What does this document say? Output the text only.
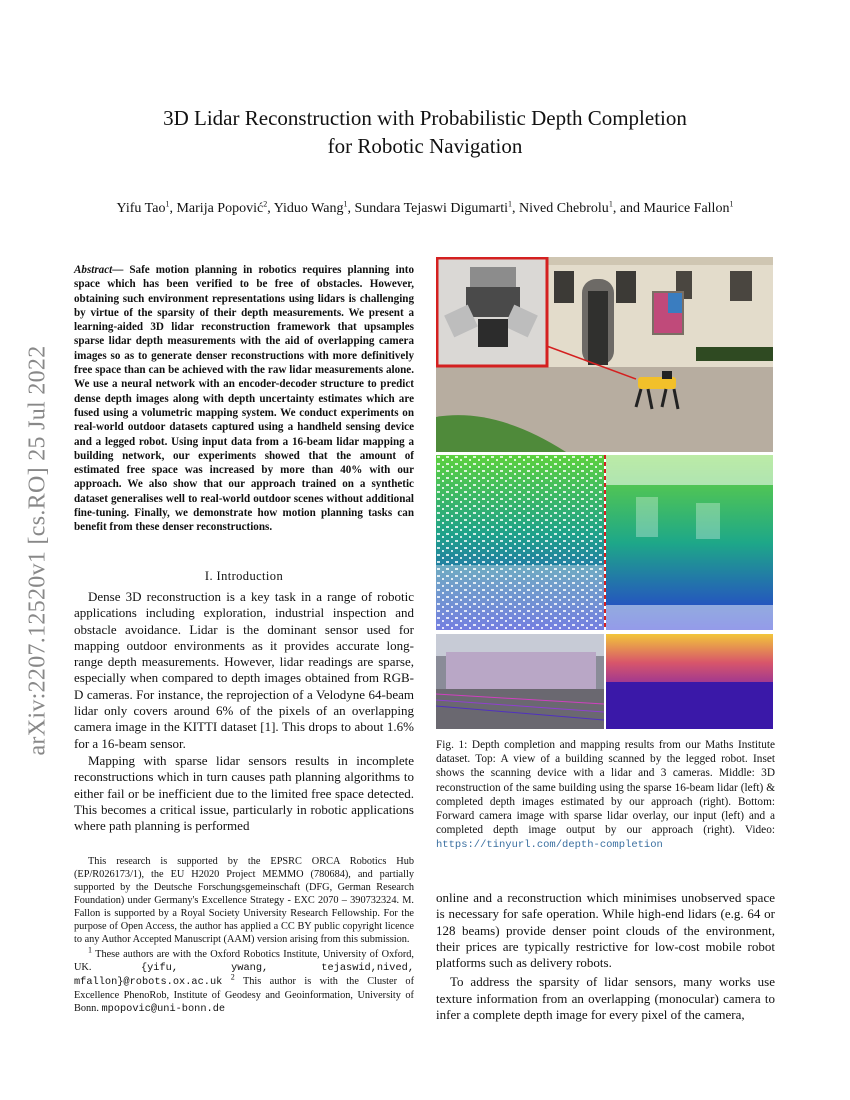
arXiv:2207.12520v1 [cs.RO] 25 Jul 2022
3D Lidar Reconstruction with Probabilistic Depth Completion
for Robotic Navigation
Yifu Tao$^1$, Marija Popović$^2$, Yiduo Wang$^1$, Sundara Tejaswi Digumarti$^1$, Nived Chebrolu$^1$, and Maurice Fallon$^1$
Abstract— Safe motion planning in robotics requires planning into space which has been verified to be free of obstacles. However, obtaining such environment representations using lidars is challenging by virtue of the sparsity of their depth measurements. We present a learning-aided 3D lidar reconstruction framework that upsamples sparse lidar depth measurements with the aid of overlapping camera images so as to generate denser reconstructions with more definitively free space than can be achieved with the raw lidar measurements alone. We use a neural network with an encoder-decoder structure to predict dense depth images along with depth uncertainty estimates which are fused using a volumetric mapping system. We conduct experiments on real-world outdoor datasets captured using a handheld sensing device and a legged robot. Using input data from a 16-beam lidar mapping a building network, our experiments showed that the amount of estimated free space was increased by more than 40% with our approach. We also show that our approach trained on a synthetic dataset generalises well to real-world outdoor scenes without additional fine-tuning. Finally, we demonstrate how motion planning tasks can benefit from these denser reconstructions.
I. Introduction

Dense 3D reconstruction is a key task in a range of robotic applications including exploration, industrial inspection and obstacle avoidance. Lidar is the dominant sensor used for mapping outdoor environments as it provides accurate long-range depth measurements. However, lidar readings are sparse, especially when compared to depth images obtained from RGB-D cameras. For instance, the reprojection of a Velodyne 64-beam lidar only covers around 6% of the pixels of an overlapping camera image in the KITTI dataset [1]. This drops to about 1.6% for a 16-beam sensor.

Mapping with sparse lidar sensors results in incomplete reconstructions which in turn causes path planning algorithms to either fail or be inefficient due to the limited free space detected. This becomes a critical issue, particularly in robotic applications where path planning is performed

This research is supported by the EPSRC ORCA Robotics Hub (EP/R026173/1), the EU H2020 Project MEMMO (780684), and partially supported by the Deutsche Forschungsgemeinschaft (DFG, German Research Foundation) under Germany's Excellence Strategy - EXC 2070 – 390732324. M. Fallon is supported by a Royal Society University Research Fellowship. For the purpose of Open Access, the author has applied a CC BY public copyright licence to any Author Accepted Manuscript (AAM) version arising from this submission.

$^1$ These authors are with the Oxford Robotics Institute, University of Oxford, UK.	{yifu, ywang, tejaswid,nived, mfallon}@robots.ox.ac.uk $^2$ This author is with the Cluster of Excellence PhenoRob, Institute of Geodesy and Geoinformation, University of Bonn. mpopovic@uni-bonn.de

Fig. 1: Depth completion and mapping results from our Maths Institute dataset. Top: A view of a building scanned by the legged robot. Inset shows the scanning device with a lidar and 3 cameras. Middle: 3D reconstruction of the same building using the sparse 16-beam lidar (left) & completed depth images estimated by our approach (right). Bottom: Forward camera image with sparse lidar overlay, our input (left) and a completed depth image output by our approach (right). Video: https://tinyurl.com/depth-completion

online and a reconstruction which minimises unobserved space is necessary for safe operation. While high-end lidars (e.g. 64 or 128 beams) provide denser point clouds of the environment, their prices are typically restrictive for low-cost mobile robot platforms such as delivery robots.

To address the sparsity of lidar sensors, many works use texture information from an overlapping (monocular) camera to infer a complete depth image for every pixel of the camera,
